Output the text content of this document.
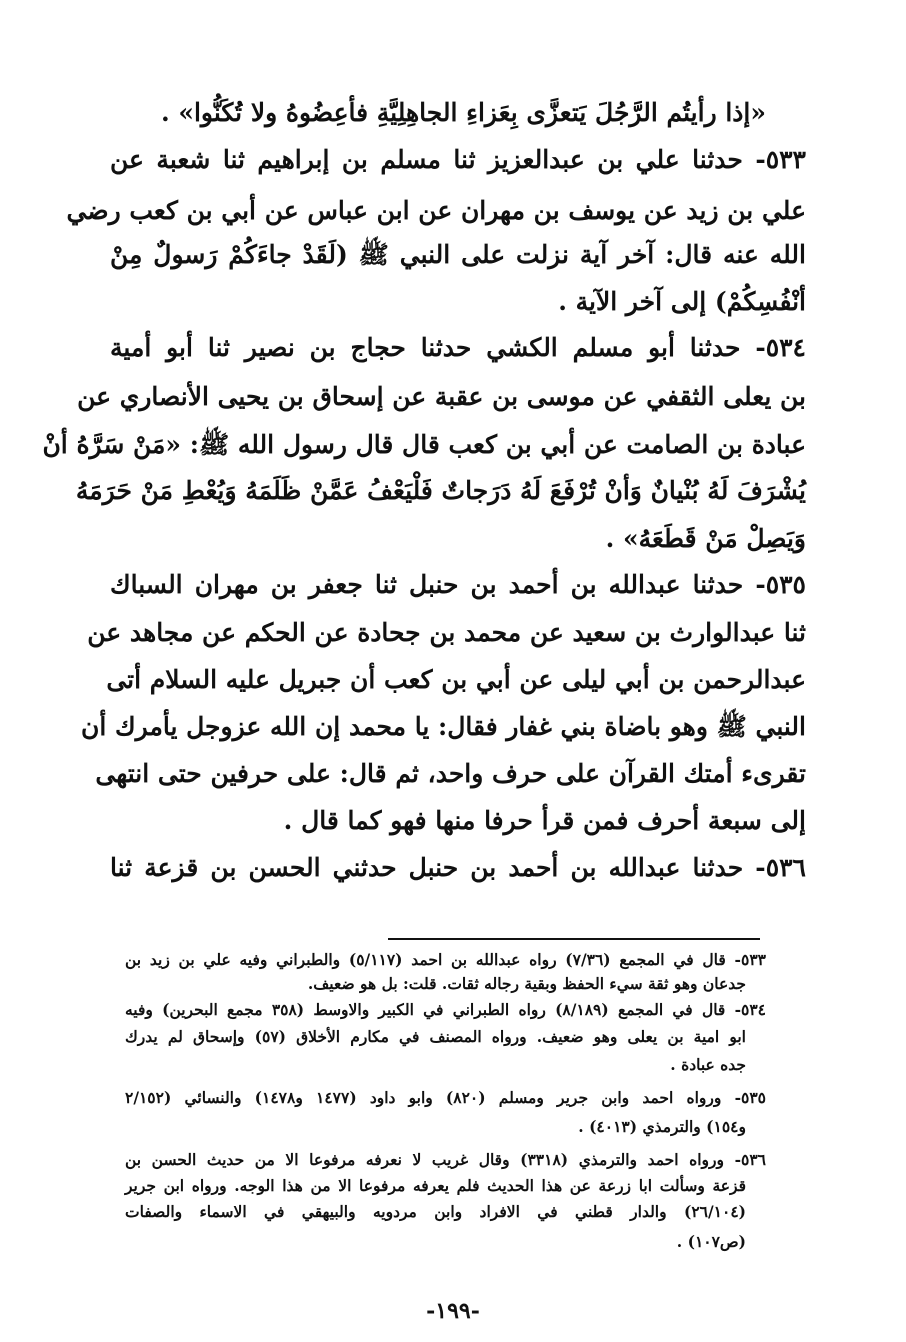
«إذا رأيتُم الرَّجُلَ يَتعزَّى بِعَزاءِ الجاهِلِيَّةِ فأعِضُوهُ ولا تُكَنُّوا» .
٥٣٣- حدثنا علي بن عبدالعزيز ثنا مسلم بن إبراهيم ثنا شعبة عن
علي بن زيد عن يوسف بن مهران عن ابن عباس عن أبي بن كعب رضي
الله عنه قال: آخر آية نزلت على النبي ﷺ (لَقَدْ جاءَكُمْ رَسولٌ مِنْ
أنْفُسِكُمْ) إلى آخر الآية .
٥٣٤- حدثنا أبو مسلم الكشي حدثنا حجاج بن نصير ثنا أبو أمية
بن يعلى الثقفي عن موسى بن عقبة عن إسحاق بن يحيى الأنصاري عن
عبادة بن الصامت عن أبي بن كعب قال قال رسول الله ﷺ: «مَنْ سَرَّهُ أنْ
يُشْرَفَ لَهُ بُنْيانٌ وَأنْ تُرْفَعَ لَهُ دَرَجاتٌ فَلْيَعْفُ عَمَّنْ ظَلَمَهُ وَيُعْطِ مَنْ حَرَمَهُ
وَيَصِلْ مَنْ قَطَعَهُ» .
٥٣٥- حدثنا عبدالله بن أحمد بن حنبل ثنا جعفر بن مهران السباك
ثنا عبدالوارث بن سعيد عن محمد بن جحادة عن الحكم عن مجاهد عن
عبدالرحمن بن أبي ليلى عن أبي بن كعب أن جبريل عليه السلام أتى
النبي ﷺ وهو باضاة بني غفار فقال: يا محمد إن الله عزوجل يأمرك أن
تقرىء أمتك القرآن على حرف واحد، ثم قال: على حرفين حتى انتهى
إلى سبعة أحرف فمن قرأ حرفا منها فهو كما قال .
٥٣٦- حدثنا عبدالله بن أحمد بن حنبل حدثني الحسن بن قزعة ثنا
٥٣٣- قال في المجمع (٧/٣٦) رواه عبدالله بن احمد (٥/١١٧) والطبراني وفيه علي بن زيد بن
جدعان وهو ثقة سيء الحفظ وبقية رجاله ثقات. قلت: بل هو ضعيف.
٥٣٤- قال في المجمع (٨/١٨٩) رواه الطبراني في الكبير والاوسط (٣٥٨ مجمع البحرين) وفيه
ابو امية بن يعلى وهو ضعيف. ورواه المصنف في مكارم الأخلاق (٥٧) وإسحاق لم يدرك
جده عبادة .
٥٣٥- ورواه احمد وابن جرير ومسلم (٨٢٠) وابو داود (١٤٧٧ و١٤٧٨) والنسائي (٢/١٥٢
و١٥٤) والترمذي (٤٠١٣) .
٥٣٦- ورواه احمد والترمذي (٣٣١٨) وقال غريب لا نعرفه مرفوعا الا من حديث الحسن بن
قزعة وسألت ابا زرعة عن هذا الحديث فلم يعرفه مرفوعا الا من هذا الوجه. ورواه ابن جرير
(٢٦/١٠٤) والدار قطني في الافراد وابن مردويه والبيهقي في الاسماء والصفات
(ص١٠٧) .
-١٩٩-
